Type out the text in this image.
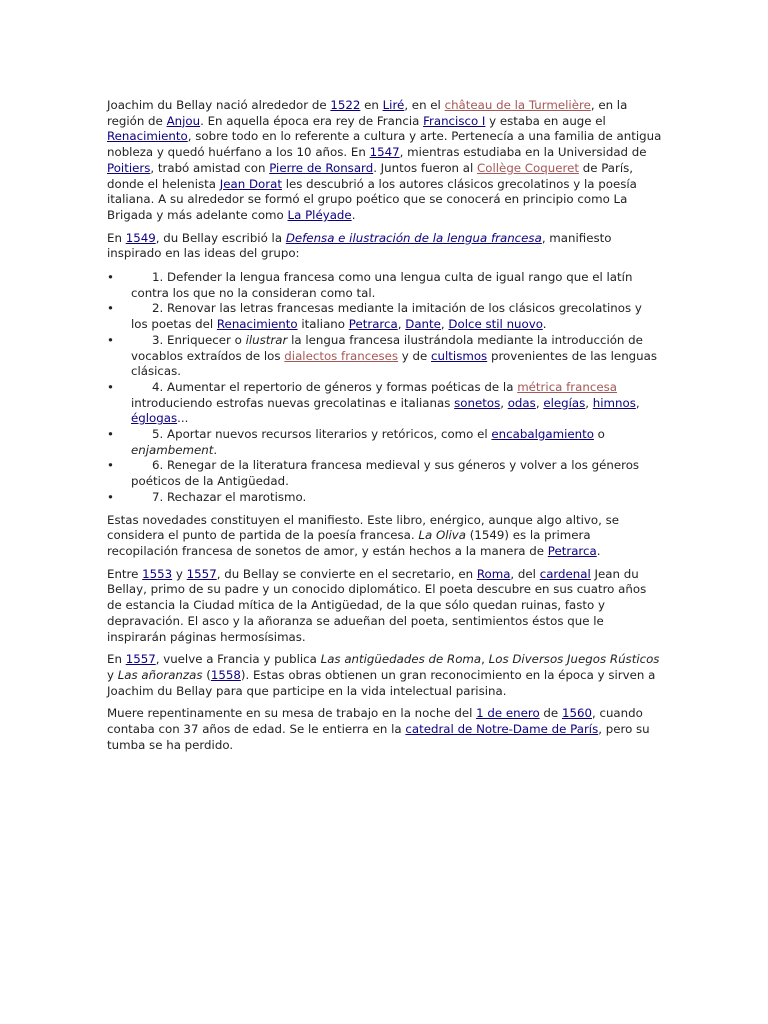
Joachim du Bellay nació alrededor de 1522 en Liré, en el château de la Turmelière, en la región de Anjou. En aquella época era rey de Francia Francisco I y estaba en auge el Renacimiento, sobre todo en lo referente a cultura y arte. Pertenecía a una familia de antigua nobleza y quedó huérfano a los 10 años. En 1547, mientras estudiaba en la Universidad de Poitiers, trabó amistad con Pierre de Ronsard. Juntos fueron al Collège Coqueret de París, donde el helenista Jean Dorat les descubrió a los autores clásicos grecolatinos y la poesía italiana. A su alrededor se formó el grupo poético que se conocerá en principio como La Brigada y más adelante como La Pléyade.

En 1549, du Bellay escribió la Defensa e ilustración de la lengua francesa, manifiesto inspirado en las ideas del grupo:

•	1. Defender la lengua francesa como una lengua culta de igual rango que el latín contra los que no la consideran como tal.
•	2. Renovar las letras francesas mediante la imitación de los clásicos grecolatinos y los poetas del Renacimiento italiano Petrarca, Dante, Dolce stil nuovo.
•	3. Enriquecer o ilustrar la lengua francesa ilustrándola mediante la introducción de vocablos extraídos de los dialectos franceses y de cultismos provenientes de las lenguas clásicas.
•	4. Aumentar el repertorio de géneros y formas poéticas de la métrica francesa introduciendo estrofas nuevas grecolatinas e italianas sonetos, odas, elegías, himnos, églogas...
•	5. Aportar nuevos recursos literarios y retóricos, como el encabalgamiento o enjambement.
•	6. Renegar de la literatura francesa medieval y sus géneros y volver a los géneros poéticos de la Antigüedad.
•	7. Rechazar el marotismo.

Estas novedades constituyen el manifiesto. Este libro, enérgico, aunque algo altivo, se considera el punto de partida de la poesía francesa. La Oliva (1549) es la primera recopilación francesa de sonetos de amor, y están hechos a la manera de Petrarca.

Entre 1553 y 1557, du Bellay se convierte en el secretario, en Roma, del cardenal Jean du Bellay, primo de su padre y un conocido diplomático. El poeta descubre en sus cuatro años de estancia la Ciudad mítica de la Antigüedad, de la que sólo quedan ruinas, fasto y depravación. El asco y la añoranza se adueñan del poeta, sentimientos éstos que le inspirarán páginas hermosísimas.

En 1557, vuelve a Francia y publica Las antigüedades de Roma, Los Diversos Juegos Rústicos y Las añoranzas (1558). Estas obras obtienen un gran reconocimiento en la época y sirven a Joachim du Bellay para que participe en la vida intelectual parisina.

Muere repentinamente en su mesa de trabajo en la noche del 1 de enero de 1560, cuando contaba con 37 años de edad. Se le entierra en la catedral de Notre-Dame de París, pero su tumba se ha perdido.
